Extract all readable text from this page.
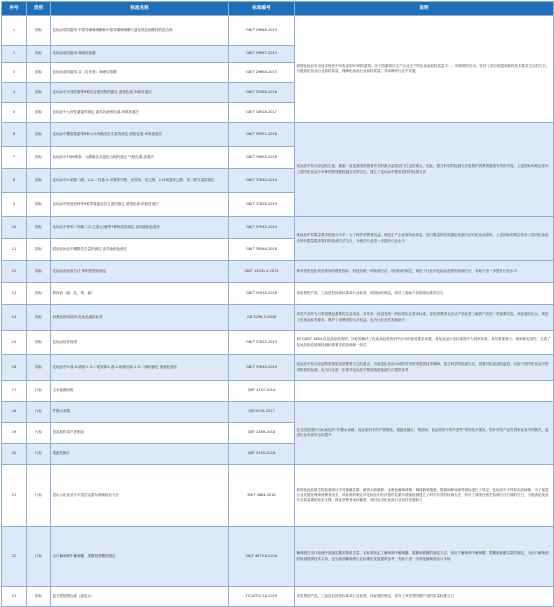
序号	类别	标准名称	标准编号	说明
1	国标	化妆品用防腐剂 甲基异噻唑啉酮和甲基异噻唑啉酮与氯化镁及硝酸镁的混合物	GB/T 29666-2013	我国化妆品安全技术规范中所收录的57种防腐剂，各个防腐剂在生产企业生产的化妆品原料质量不一，该保准的出台，弥补了部分防腐剂原料技术要求空白的空白，为提高化妆品行业原料质量，保障化妆品行业原料质量，具体操作行业中实施
2	国标	化妆品用防腐剂 咪唑烷基脲	GB/T 29667-2013	
3	国标	化妆品用防腐剂 双（羟甲基）咪唑烷基脲	GB/T 29668-2013	
4	国标	化妆品中多西拉敏等9种抗过敏药物的测定 液相色谱-串联质谱法	GB/T 32986-2016	
5	国标	化妆品中七种性激素的测定 超高效液相色谱-串联质谱法	GB/T 34918-2017	
6	国标	化妆品中螺旋霉素等8种大环内酯类抗生素的测定 液相色谱-串联质谱法	GB/T 35951-2018	化妆品中非法添加抗生素、激素一直是我国消费者安全的重点监管部门打击的重点，因此，建立科学的检测方法是保护消费者健康有效的手段。上述国标的制定弥补了国内化妆品中多种药物残留检测方法的空白，建立了化妆品中禁用原料的检测方法
7	国标	化妆品中10种硝基二元醇酸及其氯化合物的测定 气相色谱-质谱法	GB/T 35894-2018	
8	国标	化妆品中4-硝基二醇、2,4-二羟基-3-甲基苯甲醛、丙邻苯、苯乙醇、2-丙氧基环己醇、茂二醇含量的测定	GB/T 37640-2019	
9	国标	化妆品中阿莫西林等9种青霉素类抗生素的测定 液相色谱-串联质谱法	GB/T 37626-2019	
10	国标	化妆品中邻苯二甲酸二(2-乙基)己酯等7种物质的测定 高效液相色谱法	GB/T 37545-2019	化妆品中有限量要求的组分分多，为了保护消费者权益，规范生产企业原料添加量，进行限量的有效测定检测方法对化妆品原料，上述国标的制定弥补了国内化妆品多种有限量要求原料的检测方法空白，为相关行业进一步提升行业水平
11	国标	眼部化妆品中硼酸类含量的测定 高效液相色谱法	GB/T 35946-2018	
12	国标	化妆品用检验方法 体积密度的测定	GB/T 13531.4 2013	相对密度是化妆品常用的理化指标，但没有统一的检测方法。该国标的制定，规范了行业内化妆品密度的检测方法，有助于进一步提升行业水平
13	国标	卸妆油（液、乳、膏、霜）	GB/T 35914-2018	该类型的产品，之前没有国家标准或行业标准，该国标的制定，弥补了卸妆产品国家标准的空白
14	国标	消费品使用说明 化妆品通用标签	GB 5296.3-2008	该类产品作为日常消费品重要的生活用品，多年来一直没有统一的标签标注要求标准，导致消费者无法从产品标签了解到产品的一些重要信息，该标准的出台，规范了化妆品标签要求，保护了消费者的合法权益，也为行业良性发展助力
15	国标	化妆品检验规则	GB/T 37625-2019	取代QB/T 1684 化妆品检验规则，该标准解决了化妆品检验规则中应用的检验要求问题，将化妆品行业标准提升为国家标准，具有重要意义。规则和实用性，完善了化妆品检验规则检测标准要求的协调和一致性
16	国标	化妆品中5-溴-5-硝基-1,3-二噁烷和2-溴-2-硝基丙烷-1,3-二醇的测定 液相色谱法	GB/T 37644-2019	化妆品中非法添加禁用物质是消费者关注的重点，为规范化妆品市场的安全使用提供技术保障，建立科学的检测方法，加强对化妆品的监管，有助于国内化妆品中禁用物质的检测，也为行业进一步提升化妆品中禁用物质检测方法提供参考
17	行标	玉米素酸胶粉	QBT 4707-2014	
18	行标	柠檬水香精	QBT5176-2017	在全国范围内与标准化的“柠檬水香精、食品原料中的芦荟制品、果蔬发酵汁、黑蒜粉、食品原料中的芦荟等”等的技术要求，弥补该类产品在国家标准中的缺失，促进行业市场安全的提升
19	行标	食品原料用芦荟制品	QBT 2489-2018	
20	行标	果蔬发酵汁	QBT 5350-2018	
21	行标	进出口化妆品中丰富伯克霍尔德菌检验方法	SN/T 4684-2016	我国化妆品微生物检测项目中对菌落总数、耐热大肠菌群、金黄色葡萄球菌、铜绿假单胞菌、霉菌和酵母菌等指标进行了规定，化妆品中不得检出致病菌，为了促进行业发展及保障消费者安全，该标准的制定对化妆品中的洋葱伯克霍尔德菌检测建立了科学有效的检测方法，弥补了我国在相关检测方法方面的空白，为提高化妆品安全质量提供技术支撑，保证消费者身体健康，同时也为化妆品行业良性发展助力
22	行标	出口葡萄酒中葡萄糖、果糖和蔗糖的测定	SN/T 4675.6-2016	葡萄酒在出口检测中需测定糖类物质含量，本标准规定了葡萄酒中葡萄糖、果糖和蔗糖的测定方法，适用于葡萄酒中葡萄糖、果糖和蔗糖含量的测定，为出口葡萄酒的检测提供技术支持，也为我国葡萄酒行业标准化发展提供参考，有助于进一步规范葡萄酒出口市场
23	团标	蓝匀型防晒乳液（液包水）	T/CAFFCI 18-2019	该类型的产品，之前没有国家标准或行业标准，该标准的制定，弥补了该类型防晒产品的质量标准空白
